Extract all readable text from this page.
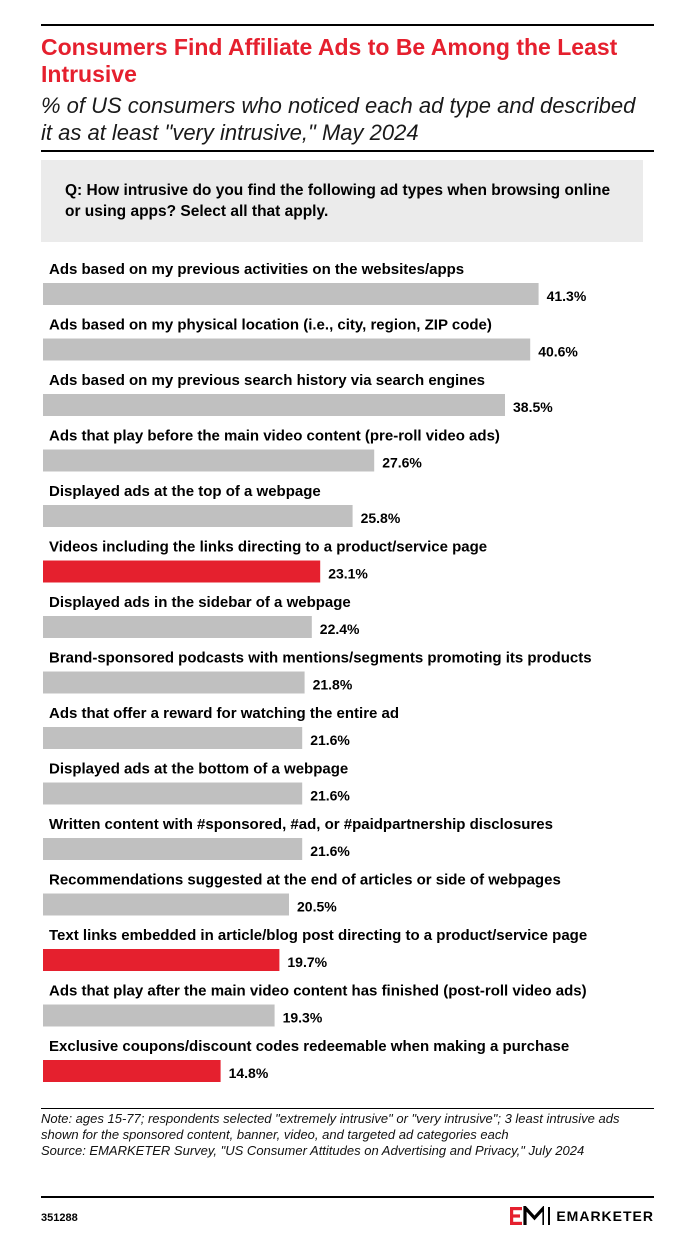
Consumers Find Affiliate Ads to Be Among the Least Intrusive
% of US consumers who noticed each ad type and described it as at least "very intrusive," May 2024
Q: How intrusive do you find the following ad types when browsing online or using apps? Select all that apply.
Ads based on my previous activities on the websites/apps
41.3%
Ads based on my physical location (i.e., city, region, ZIP code)
40.6%
Ads based on my previous search history via search engines
38.5%
Ads that play before the main video content (pre-roll video ads)
27.6%
Displayed ads at the top of a webpage
25.8%
Videos including the links directing to a product/service page
23.1%
Displayed ads in the sidebar of a webpage
22.4%
Brand-sponsored podcasts with mentions/segments promoting its products
21.8%
Ads that offer a reward for watching the entire ad
21.6%
Displayed ads at the bottom of a webpage
21.6%
Written content with #sponsored, #ad, or #paidpartnership disclosures
21.6%
Recommendations suggested at the end of articles or side of webpages
20.5%
Text links embedded in article/blog post directing to a product/service page
19.7%
Ads that play after the main video content has finished (post-roll video ads)
19.3%
Exclusive coupons/discount codes redeemable when making a purchase
14.8%
Note: ages 15-77; respondents selected "extremely intrusive" or "very intrusive"; 3 least intrusive ads shown for the sponsored content, banner, video, and targeted ad categories each
Source: EMARKETER Survey, "US Consumer Attitudes on Advertising and Privacy," July 2024
351288	EMARKETER
